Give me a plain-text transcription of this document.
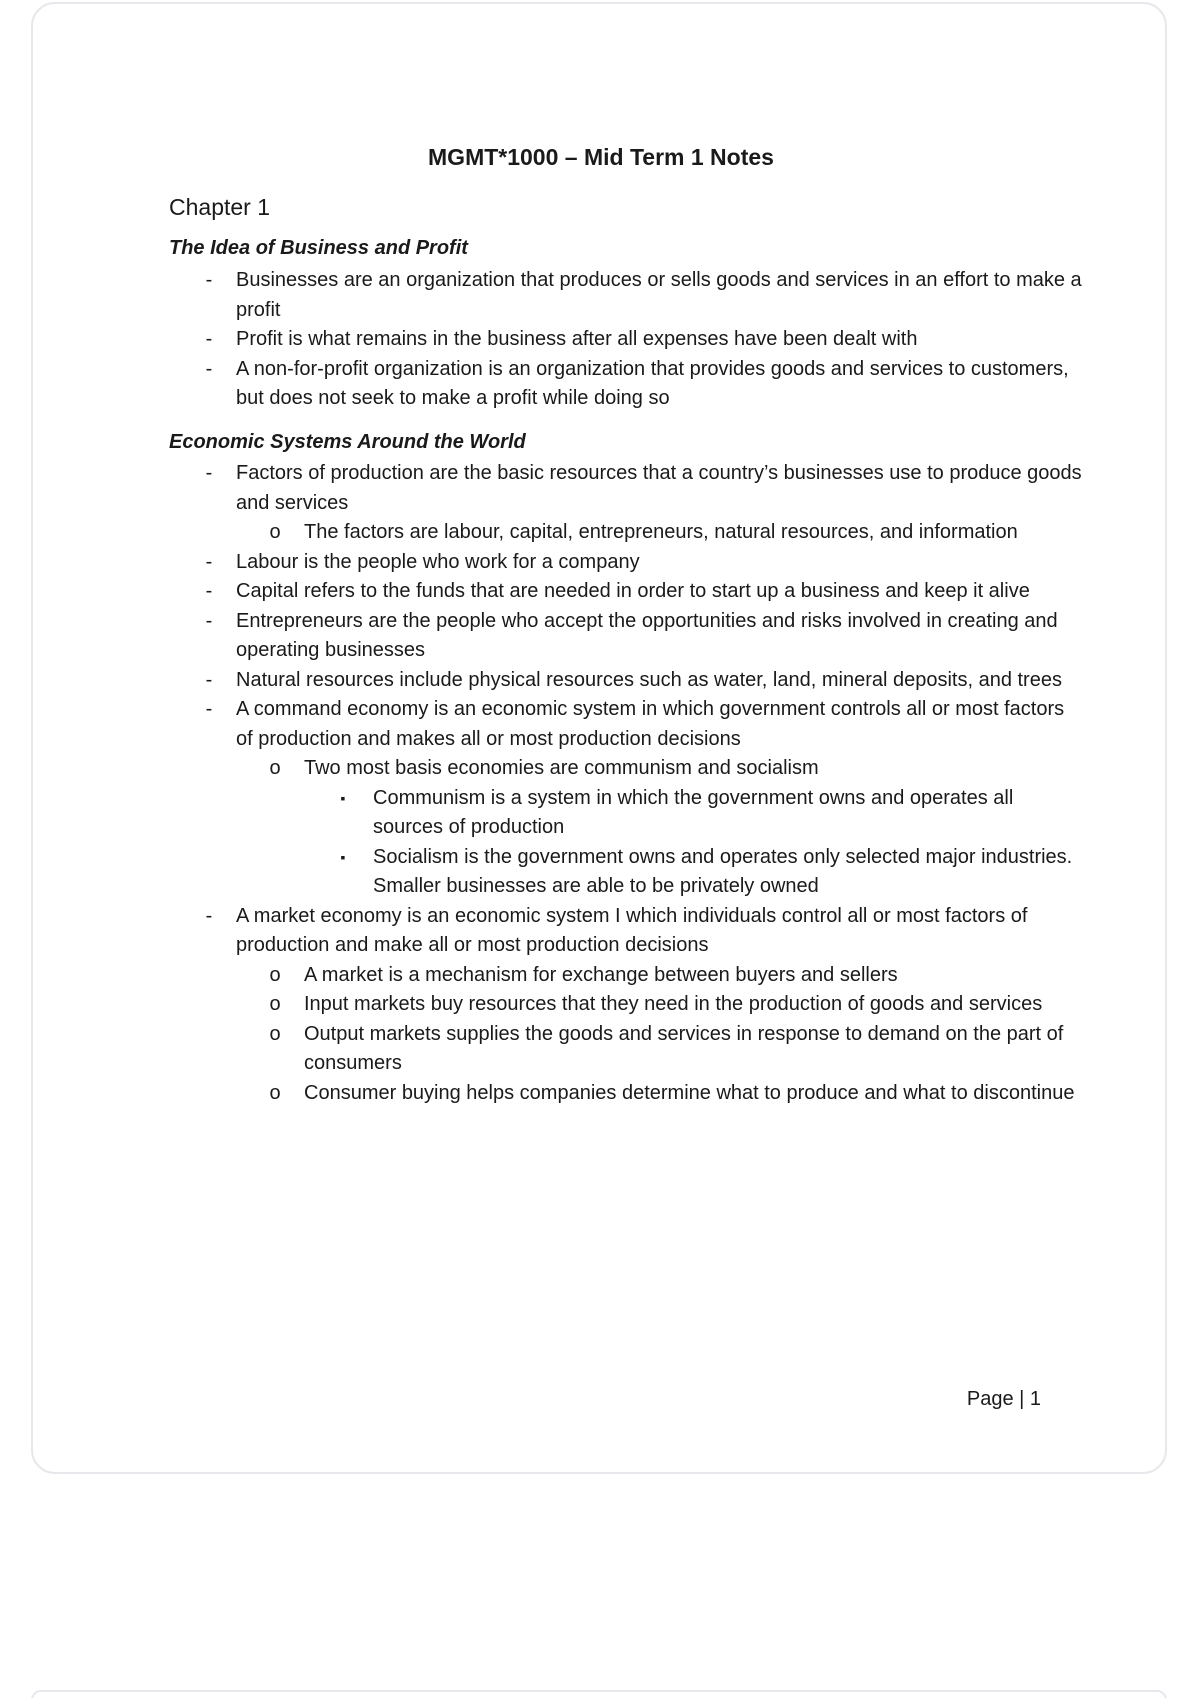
MGMT*1000 – Mid Term 1 Notes
Chapter 1
The Idea of Business and Profit
-	Businesses are an organization that produces or sells goods and services in an effort to make a profit
-	Profit is what remains in the business after all expenses have been dealt with
-	A non-for-profit organization is an organization that provides goods and services to customers, but does not seek to make a profit while doing so
Economic Systems Around the World
-	Factors of production are the basic resources that a country’s businesses use to produce goods and services
o The factors are labour, capital, entrepreneurs, natural resources, and information
-	Labour is the people who work for a company
-	Capital refers to the funds that are needed in order to start up a business and keep it alive
-	Entrepreneurs are the people who accept the opportunities and risks involved in creating and operating businesses
-	Natural resources include physical resources such as water, land, mineral deposits, and trees
-	A command economy is an economic system in which government controls all or most factors of production and makes all or most production decisions
o Two most basis economies are communism and socialism
▪	Communism is a system in which the government owns and operates all sources of production
▪	Socialism is the government owns and operates only selected major industries. Smaller businesses are able to be privately owned
-	A market economy is an economic system I which individuals control all or most factors of production and make all or most production decisions
o A market is a mechanism for exchange between buyers and sellers
o Input markets buy resources that they need in the production of goods and services
o Output markets supplies the goods and services in response to demand on the part of consumers
o Consumer buying helps companies determine what to produce and what to discontinue
Page | 1
